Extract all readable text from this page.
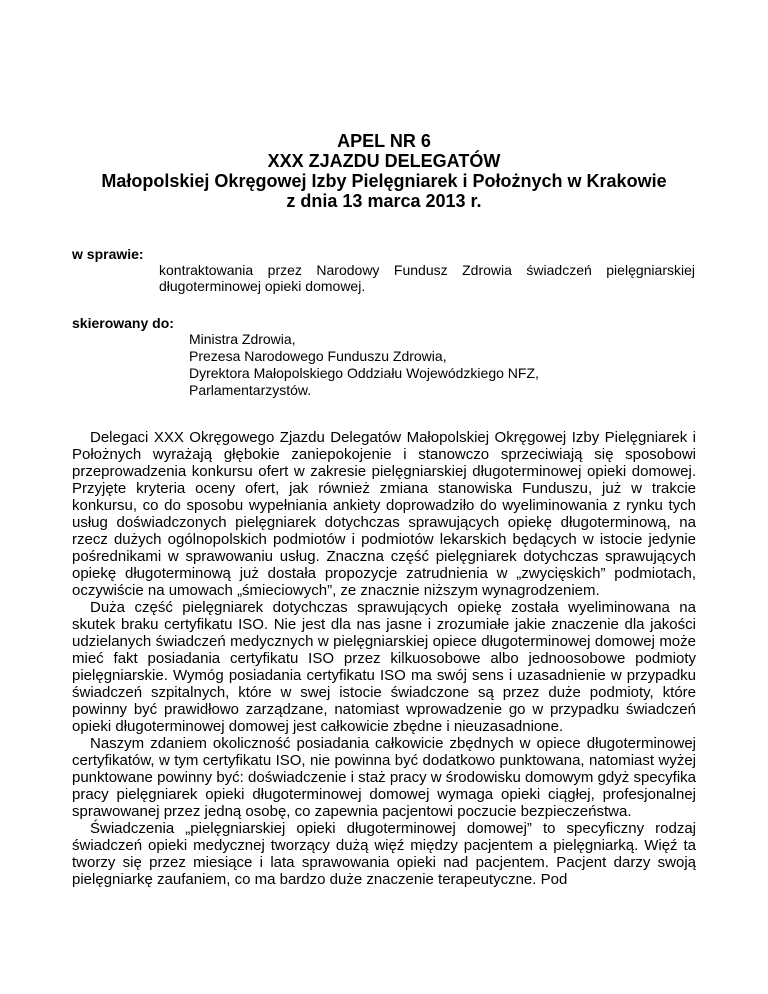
APEL NR 6
XXX ZJAZDU DELEGATÓW
Małopolskiej Okręgowej Izby Pielęgniarek i Położnych w Krakowie
z dnia 13 marca 2013 r.
w sprawie:
kontraktowania przez Narodowy Fundusz Zdrowia świadczeń pielęgniarskiej długoterminowej opieki domowej.
skierowany do:
Ministra Zdrowia,
Prezesa Narodowego Funduszu Zdrowia,
Dyrektora Małopolskiego Oddziału Wojewódzkiego NFZ,
Parlamentarzystów.

Delegaci XXX Okręgowego Zjazdu Delegatów Małopolskiej Okręgowej Izby Pielęgniarek i Położnych wyrażają głębokie zaniepokojenie i stanowczo sprzeciwiają się sposobowi przeprowadzenia konkursu ofert w zakresie pielęgniarskiej długoterminowej opieki domowej. Przyjęte kryteria oceny ofert, jak również zmiana stanowiska Funduszu, już w trakcie konkursu, co do sposobu wypełniania ankiety doprowadziło do wyeliminowania z rynku tych usług doświadczonych pielęgniarek dotychczas sprawujących opiekę długoterminową, na rzecz dużych ogólnopolskich podmiotów i podmiotów lekarskich będących w istocie jedynie pośrednikami w sprawowaniu usług. Znaczna część pielęgniarek dotychczas sprawujących opiekę długoterminową już dostała propozycje zatrudnienia w „zwycięskich” podmiotach, oczywiście na umowach „śmieciowych”, ze znacznie niższym wynagrodzeniem.

Duża część pielęgniarek dotychczas sprawujących opiekę została wyeliminowana na skutek braku certyfikatu ISO. Nie jest dla nas jasne i zrozumiałe jakie znaczenie dla jakości udzielanych świadczeń medycznych w pielęgniarskiej opiece długoterminowej domowej może mieć fakt posiadania certyfikatu ISO przez kilkuosobowe albo jednoosobowe podmioty pielęgniarskie. Wymóg posiadania certyfikatu ISO ma swój sens i uzasadnienie w przypadku świadczeń szpitalnych, które w swej istocie świadczone są przez duże podmioty, które powinny być prawidłowo zarządzane, natomiast wprowadzenie go w przypadku świadczeń opieki długoterminowej domowej jest całkowicie zbędne i nieuzasadnione.

Naszym zdaniem okoliczność posiadania całkowicie zbędnych w opiece długoterminowej certyfikatów, w tym certyfikatu ISO, nie powinna być dodatkowo punktowana, natomiast wyżej punktowane powinny być: doświadczenie i staż pracy w środowisku domowym gdyż specyfika pracy pielęgniarek opieki długoterminowej domowej wymaga opieki ciągłej, profesjonalnej sprawowanej przez jedną osobę, co zapewnia pacjentowi poczucie bezpieczeństwa.

Świadczenia „pielęgniarskiej opieki długoterminowej domowej” to specyficzny rodzaj świadczeń opieki medycznej tworzący dużą więź między pacjentem a pielęgniarką. Więź ta tworzy się przez miesiące i lata sprawowania opieki nad pacjentem. Pacjent darzy swoją pielęgniarkę zaufaniem, co ma bardzo duże znaczenie terapeutyczne. Pod
